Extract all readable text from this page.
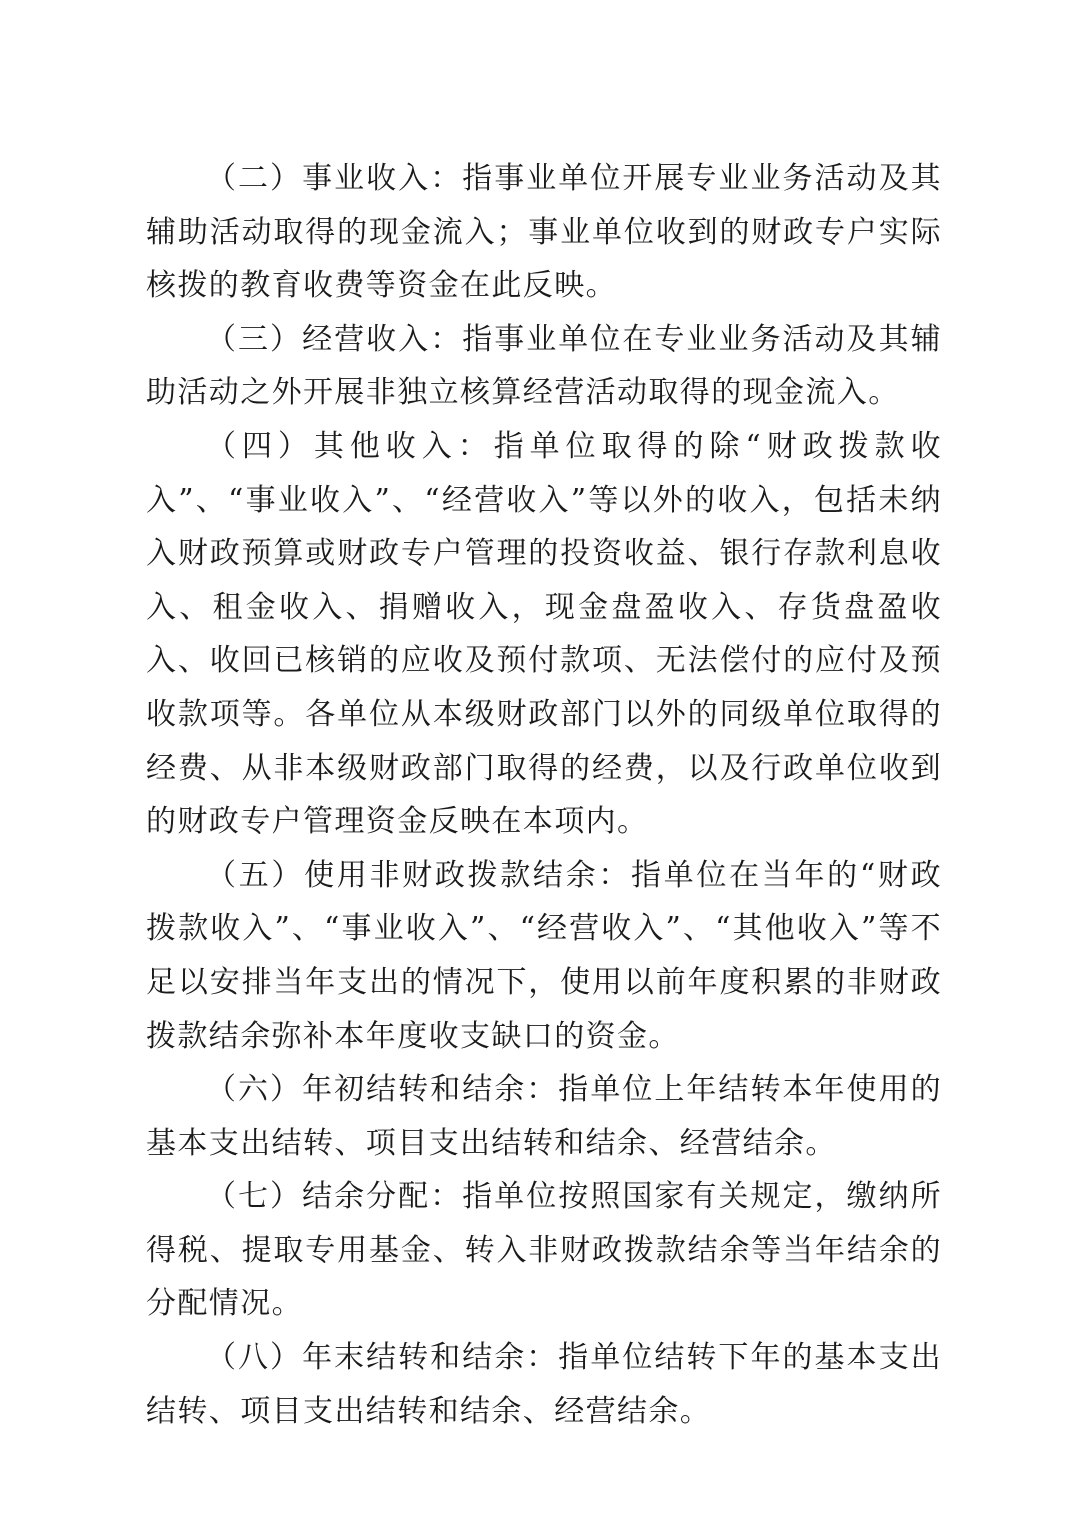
（二）事业收入：指事业单位开展专业业务活动及其辅助活动取得的现金流入；事业单位收到的财政专户实际核拨的教育收费等资金在此反映。

（三）经营收入：指事业单位在专业业务活动及其辅助活动之外开展非独立核算经营活动取得的现金流入。

（四）其他收入：指单位取得的除“财政拨款收入”、“事业收入”、“经营收入”等以外的收入，包括未纳入财政预算或财政专户管理的投资收益、银行存款利息收入、租金收入、捐赠收入，现金盘盈收入、存货盘盈收入、收回已核销的应收及预付款项、无法偿付的应付及预收款项等。各单位从本级财政部门以外的同级单位取得的经费、从非本级财政部门取得的经费，以及行政单位收到的财政专户管理资金反映在本项内。

（五）使用非财政拨款结余：指单位在当年的“财政拨款收入”、“事业收入”、“经营收入”、“其他收入”等不足以安排当年支出的情况下，使用以前年度积累的非财政拨款结余弥补本年度收支缺口的资金。

（六）年初结转和结余：指单位上年结转本年使用的基本支出结转、项目支出结转和结余、经营结余。

（七）结余分配：指单位按照国家有关规定，缴纳所得税、提取专用基金、转入非财政拨款结余等当年结余的分配情况。

（八）年末结转和结余：指单位结转下年的基本支出结转、项目支出结转和结余、经营结余。
